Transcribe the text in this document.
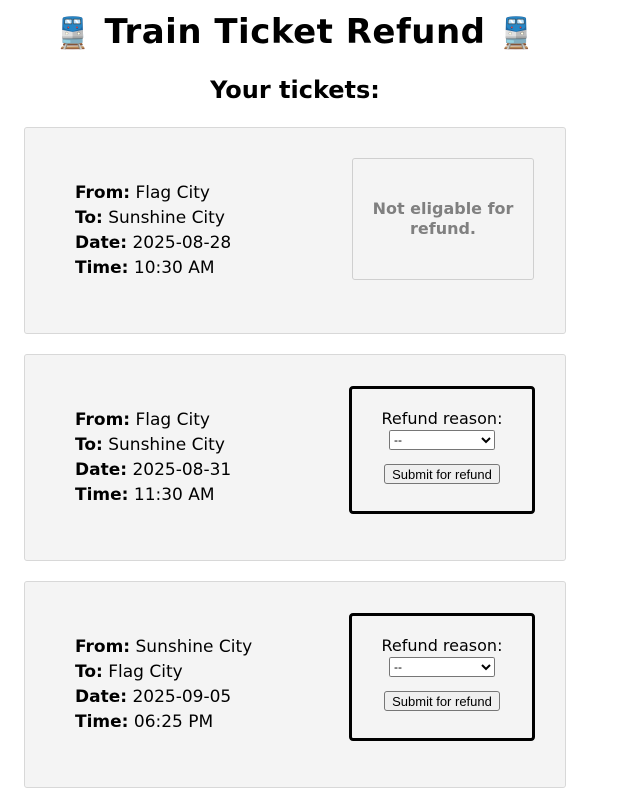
🚆 Train Ticket Refund 🚆
Your tickets:
From: Flag City
To: Sunshine City
Date: 2025-08-28
Time: 10:30 AM
Not eligable for refund.
From: Flag City
To: Sunshine City
Date: 2025-08-31
Time: 11:30 AM
Refund reason:
--
Submit for refund
From: Sunshine City
To: Flag City
Date: 2025-09-05
Time: 06:25 PM
Refund reason:
--
Submit for refund
